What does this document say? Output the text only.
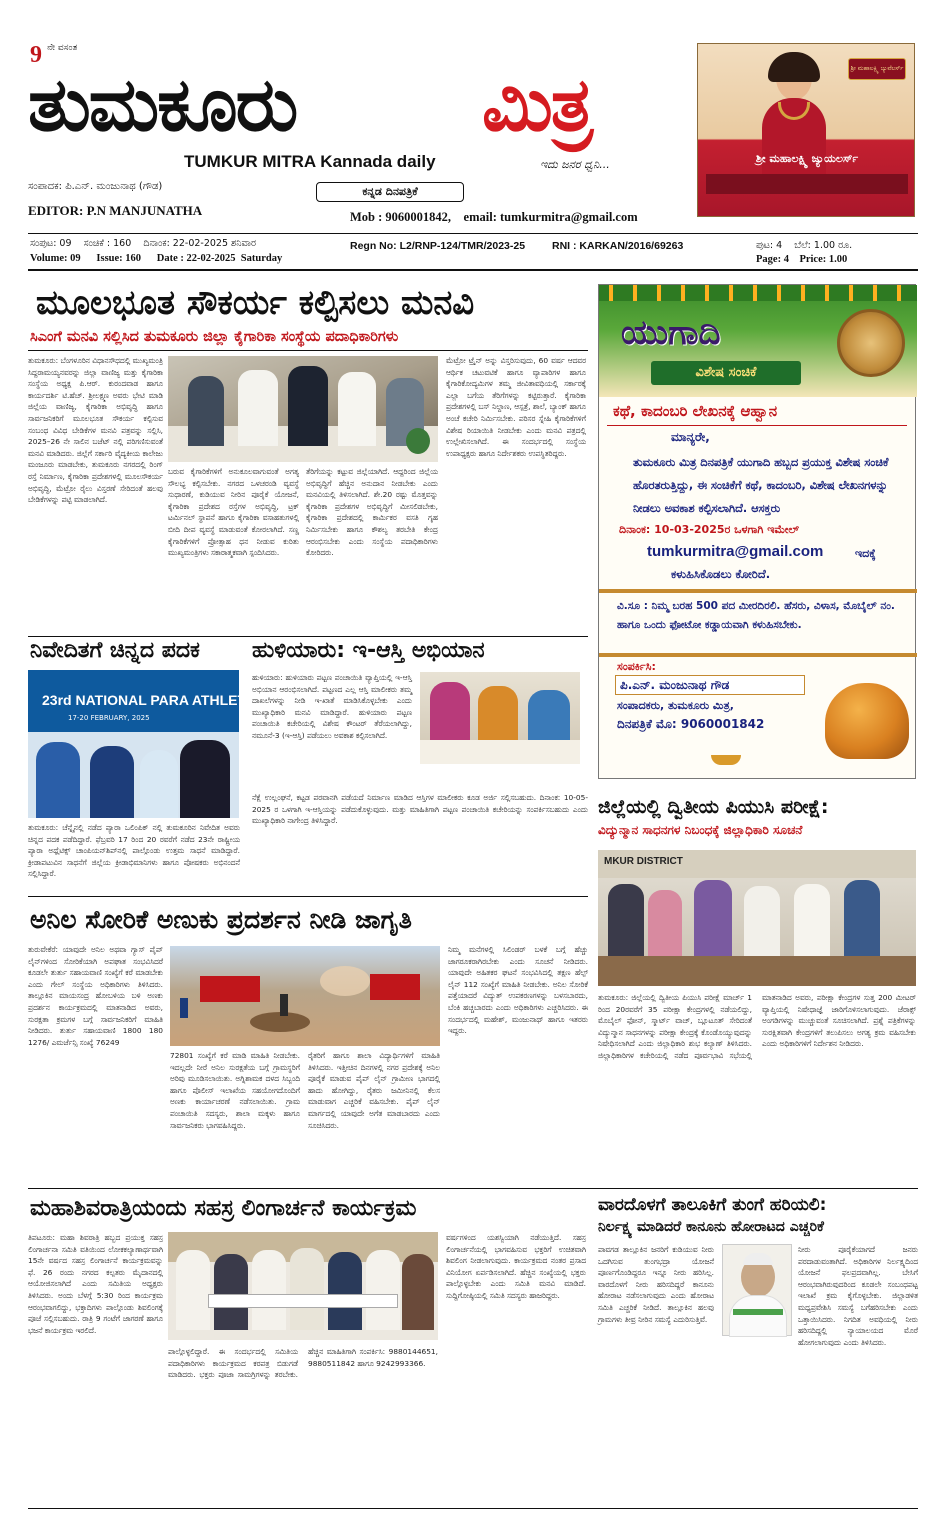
9 $^{ನೇ ವಸಂತ}$
ತುಮಕೂರು	ಮಿತ್ರ
TUMKUR MITRA Kannada daily	ಇದು ಜನರ ಧ್ವನಿ...
ಸಂಪಾದಕ: ಪಿ.ಎನ್. ಮಂಜುನಾಥ (ಗೌಡ)
EDITOR: P.N MANJUNATHA
ಕನ್ನಡ ದಿನಪತ್ರಿಕೆ
Mob : 9060001842,    email: tumkurmitra@gmail.com
ಶ್ರೀ ಮಹಾಲಕ್ಷ್ಮಿ ಜ್ಯುವೆಲರ್ಸ್
ಶ್ರೀ ಮಹಾಲಕ್ಷ್ಮಿ ಜ್ಯುಯಲರ್ಸ್
ಸಂಪುಟ: 09    ಸಂಚಿಕೆ : 160    ದಿನಾಂಕ: 22-02-2025 ಶನಿವಾರ
Volume: 09      Issue: 160      Date : 22-02-2025  Saturday
Regn No: L2/RNP-124/TMR/2023-25	RNI : KARKAN/2016/69263	ಪುಟ: 4    ಬೆಲೆ: 1.00 ರೂ.
Page: 4    Price: 1.00
ಮೂಲಭೂತ ಸೌಕರ್ಯ ಕಲ್ಪಿಸಲು ಮನವಿ
ಸಿಎಂಗೆ ಮನವಿ ಸಲ್ಲಿಸಿದ ತುಮಕೂರು ಜಿಲ್ಲಾ ಕೈಗಾರಿಕಾ ಸಂಸ್ಥೆಯ ಪದಾಧಿಕಾರಿಗಳು
ತುಮಕೂರು: ಬೆಂಗಳೂರಿನ ವಿಧಾನಸೌಧದಲ್ಲಿ ಮುಖ್ಯಮಂತ್ರಿ ಸಿದ್ದರಾಮಯ್ಯನವರನ್ನು ಜಿಲ್ಲಾ ವಾಣಿಜ್ಯ ಮತ್ತು ಕೈಗಾರಿಕಾ ಸಂಸ್ಥೆಯ ಅಧ್ಯಕ್ಷ ಪಿ.ಆರ್. ಕುರಂದವಾಡ ಹಾಗೂ ಕಾರ್ಯದರ್ಶಿ ಟಿ.ಹೆಚ್. ಶ್ರೀಲಕ್ಷ್ಮಣ ಅವರು ಭೇಟಿ ಮಾಡಿ ಜಿಲ್ಲೆಯ ವಾಣಿಜ್ಯ, ಕೈಗಾರಿಕಾ ಅಭಿವೃದ್ಧಿ ಹಾಗೂ ಸಾರ್ವಜನಿಕರಿಗೆ ಮೂಲಭೂತ ಸೌಕರ್ಯ ಕಲ್ಪಿಸುವ ಸಂಬಂಧ ವಿವಿಧ ಬೇಡಿಕೆಗಳ ಮನವಿ ಪತ್ರವನ್ನು ಸಲ್ಲಿಸಿ, 2025–26 ನೇ ಸಾಲಿನ ಬಜೆಟ್ ನಲ್ಲಿ ಪರಿಗಣಿಸುವಂತೆ ಮನವಿ ಮಾಡಿದರು. ಜಿಲ್ಲೆಗೆ ಸರ್ಕಾರಿ ವೈದ್ಯಕೀಯ ಕಾಲೇಜು ಮಂಜೂರು ಮಾಡಬೇಕು, ತುಮಕೂರು ನಗರದಲ್ಲಿ ರಿಂಗ್ ರಸ್ತೆ ನಿರ್ಮಾಣ, ಕೈಗಾರಿಕಾ ಪ್ರದೇಶಗಳಲ್ಲಿ ಮೂಲಸೌಕರ್ಯ ಅಭಿವೃದ್ಧಿ, ಮೆಟ್ರೋ ರೈಲು ವಿಸ್ತರಣೆ ಸೇರಿದಂತೆ ಹಲವು ಬೇಡಿಕೆಗಳನ್ನು ಪಟ್ಟಿ ಮಾಡಲಾಗಿದೆ.
ಬರುವ ಕೈಗಾರಿಕೆಗಳಿಗೆ ಅನುಕೂಲವಾಗುವಂತೆ ಅಗತ್ಯ ಸೌಲಭ್ಯ ಕಲ್ಪಿಸಬೇಕು. ನಗರದ ಒಳಚರಂಡಿ ವ್ಯವಸ್ಥೆ ಸುಧಾರಣೆ, ಕುಡಿಯುವ ನೀರಿನ ಪೂರೈಕೆ ಯೋಜನೆ, ಕೈಗಾರಿಕಾ ಪ್ರದೇಶದ ರಸ್ತೆಗಳ ಅಭಿವೃದ್ಧಿ, ಟ್ರಕ್ ಟರ್ಮಿನಲ್ ಸ್ಥಾಪನೆ ಹಾಗೂ ಕೈಗಾರಿಕಾ ವಸಾಹತುಗಳಲ್ಲಿ ಬೀದಿ ದೀಪ ವ್ಯವಸ್ಥೆ ಮಾಡುವಂತೆ ಕೋರಲಾಗಿದೆ. ಸಣ್ಣ ಕೈಗಾರಿಕೆಗಳಿಗೆ ಪ್ರೋತ್ಸಾಹ ಧನ ನೀಡುವ ಕುರಿತು ಮುಖ್ಯಮಂತ್ರಿಗಳು ಸಕಾರಾತ್ಮಕವಾಗಿ ಸ್ಪಂದಿಸಿದರು.
ತೆರಿಗೆಯನ್ನು ಕಟ್ಟುವ ಜಿಲ್ಲೆಯಾಗಿದೆ. ಆದ್ದರಿಂದ ಜಿಲ್ಲೆಯ ಅಭಿವೃದ್ಧಿಗೆ ಹೆಚ್ಚಿನ ಅನುದಾನ ನೀಡಬೇಕು ಎಂದು ಮನವಿಯಲ್ಲಿ ತಿಳಿಸಲಾಗಿದೆ. ಶೇ.20 ರಷ್ಟು ಮೊತ್ತವನ್ನು ಕೈಗಾರಿಕಾ ಪ್ರದೇಶಗಳ ಅಭಿವೃದ್ಧಿಗೆ ಮೀಸಲಿಡಬೇಕು, ಕೈಗಾರಿಕಾ ಪ್ರದೇಶದಲ್ಲಿ ಕಾರ್ಮಿಕರ ವಸತಿ ಗೃಹ ನಿರ್ಮಿಸಬೇಕು ಹಾಗೂ ಕೌಶಲ್ಯ ತರಬೇತಿ ಕೇಂದ್ರ ಆರಂಭಿಸಬೇಕು ಎಂದು ಸಂಸ್ಥೆಯ ಪದಾಧಿಕಾರಿಗಳು ಕೋರಿದರು.
ಮೆಟ್ರೋ ಟ್ರೈನ್ ಅನ್ನು ವಿಸ್ತರಿಸುವುದು, 60 ವರ್ಷ ಆದವರ ಆರ್ಥಿಕ ಚಟುವಟಿಕೆ ಹಾಗೂ ವ್ಯಾಪಾರಿಗಳ ಹಾಗೂ ಕೈಗಾರಿಕೋದ್ಯಮಿಗಳ ತಮ್ಮ ಜೀವಿತಾವಧಿಯಲ್ಲಿ ಸರ್ಕಾರಕ್ಕೆ ಎಲ್ಲಾ ಬಗೆಯ ತೆರಿಗೆಗಳನ್ನು ಕಟ್ಟಿರುತ್ತಾರೆ. ಕೈಗಾರಿಕಾ ಪ್ರದೇಶಗಳಲ್ಲಿ ಬಸ್ ನಿಲ್ದಾಣ, ಆಸ್ಪತ್ರೆ, ಶಾಲೆ, ಬ್ಯಾಂಕ್ ಹಾಗೂ ಅಂಚೆ ಕಚೇರಿ ನಿರ್ಮಿಸಬೇಕು. ಪರಿಸರ ಸ್ನೇಹಿ ಕೈಗಾರಿಕೆಗಳಿಗೆ ವಿಶೇಷ ರಿಯಾಯಿತಿ ನೀಡಬೇಕು ಎಂದು ಮನವಿ ಪತ್ರದಲ್ಲಿ ಉಲ್ಲೇಖಿಸಲಾಗಿದೆ. ಈ ಸಂದರ್ಭದಲ್ಲಿ ಸಂಸ್ಥೆಯ ಉಪಾಧ್ಯಕ್ಷರು ಹಾಗೂ ನಿರ್ದೇಶಕರು ಉಪಸ್ಥಿತರಿದ್ದರು.
ಯುಗಾದಿ
ವಿಶೇಷ ಸಂಚಿಕೆ
ಕಥೆ, ಕಾದಂಬರಿ ಲೇಖನಕ್ಕೆ ಆಹ್ವಾನ
ಮಾನ್ಯರೇ,
ತುಮಕೂರು ಮಿತ್ರ ದಿನಪತ್ರಿಕೆ ಯುಗಾದಿ ಹಬ್ಬದ ಪ್ರಯುಕ್ತ ವಿಶೇಷ ಸಂಚಿಕೆ ಹೊರತರುತ್ತಿದ್ದು, ಈ ಸಂಚಿಕೆಗೆ ಕಥೆ, ಕಾದಂಬರಿ, ವಿಶೇಷ ಲೇಖನಗಳನ್ನು ನೀಡಲು ಅವಕಾಶ ಕಲ್ಪಿಸಲಾಗಿದೆ. ಆಸಕ್ತರು
ದಿನಾಂಕ: 10-03-2025ರ ಒಳಗಾಗಿ ಇಮೇಲ್
tumkurmitra@gmail.com	ಇದಕ್ಕೆ
ಕಳುಹಿಸಿಕೊಡಲು ಕೋರಿದೆ.
ವಿ.ಸೂ : ನಿಮ್ಮ ಬರಹ 500 ಪದ ಮೀರದಿರಲಿ. ಹೆಸರು, ವಿಳಾಸ, ಮೊಬೈಲ್ ನಂ. ಹಾಗೂ ಒಂದು ಫೋಟೋ ಕಡ್ಡಾಯವಾಗಿ ಕಳುಹಿಸಬೇಕು.
ಸಂಪರ್ಕಿಸಿ:
ಪಿ.ಎನ್. ಮಂಜುನಾಥ ಗೌಡ
ಸಂಪಾದಕರು, ತುಮಕೂರು ಮಿತ್ರ,
ದಿನಪತ್ರಿಕೆ ಮೊ: 9060001842
ನಿವೇದಿತಗೆ ಚಿನ್ನದ ಪದಕ
23rd NATIONAL PARA ATHLETICS CH
17-20 FEBRUARY, 2025
ತುಮಕೂರು: ಚೆನ್ನೈನಲ್ಲಿ ನಡೆದ ಪ್ಯಾರಾ ಒಲಿಂಪಿಕ್ ನಲ್ಲಿ ತುಮಕೂರಿನ ನಿವೇದಿತ ಅವರು ಚಿನ್ನದ ಪದಕ ಪಡೆದಿದ್ದಾರೆ. ಫೆಬ್ರವರಿ 17 ರಿಂದ 20 ರವರೆಗೆ ನಡೆದ 23ನೇ ರಾಷ್ಟ್ರೀಯ ಪ್ಯಾರಾ ಅಥ್ಲೆಟಿಕ್ಸ್ ಚಾಂಪಿಯನ್‌ಶಿಪ್‌ನಲ್ಲಿ ಪಾಲ್ಗೊಂಡು ಉತ್ತಮ ಸಾಧನೆ ಮಾಡಿದ್ದಾರೆ. ಕ್ರೀಡಾಪಟುವಿನ ಸಾಧನೆಗೆ ಜಿಲ್ಲೆಯ ಕ್ರೀಡಾಭಿಮಾನಿಗಳು ಹಾಗೂ ಪೋಷಕರು ಅಭಿನಂದನೆ ಸಲ್ಲಿಸಿದ್ದಾರೆ.
ಹುಳಿಯಾರು: ಇ-ಆಸ್ತಿ ಅಭಿಯಾನ
ಹುಳಿಯಾರು: ಹುಳಿಯಾರು ಪಟ್ಟಣ ಪಂಚಾಯಿತಿ ವ್ಯಾಪ್ತಿಯಲ್ಲಿ ಇ-ಆಸ್ತಿ ಅಭಿಯಾನ ಆರಂಭಿಸಲಾಗಿದೆ. ಪಟ್ಟಣದ ಎಲ್ಲ ಆಸ್ತಿ ಮಾಲೀಕರು ತಮ್ಮ ದಾಖಲೆಗಳನ್ನು ನೀಡಿ ಇ-ಖಾತೆ ಮಾಡಿಸಿಕೊಳ್ಳಬೇಕು ಎಂದು ಮುಖ್ಯಾಧಿಕಾರಿ ಮನವಿ ಮಾಡಿದ್ದಾರೆ. ಹುಳಿಯಾರು ಪಟ್ಟಣ ಪಂಚಾಯಿತಿ ಕಚೇರಿಯಲ್ಲಿ ವಿಶೇಷ ಕೌಂಟರ್ ತೆರೆಯಲಾಗಿದ್ದು, ನಮೂನೆ-3 (ಇ-ಆಸ್ತಿ) ಪಡೆಯಲು ಅವಕಾಶ ಕಲ್ಪಿಸಲಾಗಿದೆ.
ನೆಕ್ಷೆ ಉಲ್ಲಂಘನೆ, ಕಟ್ಟಡ ಪರವಾನಗಿ ಪಡೆಯದೆ ನಿರ್ಮಾಣ ಮಾಡಿದ ಆಸ್ತಿಗಳ ಮಾಲೀಕರು ಕೂಡ ಅರ್ಜಿ ಸಲ್ಲಿಸಬಹುದು. ದಿನಾಂಕ: 10-05-2025 ರ ಒಳಗಾಗಿ ಇ-ಆಸ್ತಿಯನ್ನು ಪಡೆದುಕೊಳ್ಳುವುದು. ಮತ್ತು ಮಾಹಿತಿಗಾಗಿ ಪಟ್ಟಣ ಪಂಚಾಯಿತಿ ಕಚೇರಿಯನ್ನು ಸಂಪರ್ಕಿಸಬಹುದು ಎಂದು ಮುಖ್ಯಾಧಿಕಾರಿ ನಾಗೇಂದ್ರ ತಿಳಿಸಿದ್ದಾರೆ.
ಜಿಲ್ಲೆಯಲ್ಲಿ ದ್ವಿತೀಯ ಪಿಯುಸಿ ಪರೀಕ್ಷೆ:
ವಿದ್ಯುನ್ಮಾನ ಸಾಧನಗಳ ನಿಬಂಧಕ್ಕೆ ಜಿಲ್ಲಾಧಿಕಾರಿ ಸೂಚನೆ
MKUR DISTRICT
ತುಮಕೂರು: ಜಿಲ್ಲೆಯಲ್ಲಿ ದ್ವಿತೀಯ ಪಿಯುಸಿ ಪರೀಕ್ಷೆ ಮಾರ್ಚ್ 1 ರಿಂದ 20ರವರೆಗೆ 35 ಪರೀಕ್ಷಾ ಕೇಂದ್ರಗಳಲ್ಲಿ ನಡೆಯಲಿದ್ದು, ಮೊಬೈಲ್ ಫೋನ್, ಸ್ಮಾರ್ಟ್ ವಾಚ್, ಬ್ಲೂಟೂತ್ ಸೇರಿದಂತೆ ವಿದ್ಯುನ್ಮಾನ ಸಾಧನಗಳನ್ನು ಪರೀಕ್ಷಾ ಕೇಂದ್ರಕ್ಕೆ ಕೊಂಡೊಯ್ಯುವುದನ್ನು ನಿಷೇಧಿಸಲಾಗಿದೆ ಎಂದು ಜಿಲ್ಲಾಧಿಕಾರಿ ಶುಭ ಕಲ್ಯಾಣ್ ತಿಳಿಸಿದರು. ಜಿಲ್ಲಾಧಿಕಾರಿಗಳ ಕಚೇರಿಯಲ್ಲಿ ನಡೆದ ಪೂರ್ವಭಾವಿ ಸಭೆಯಲ್ಲಿ ಮಾತನಾಡಿದ ಅವರು, ಪರೀಕ್ಷಾ ಕೇಂದ್ರಗಳ ಸುತ್ತ 200 ಮೀಟರ್ ವ್ಯಾಪ್ತಿಯಲ್ಲಿ ನಿಷೇಧಾಜ್ಞೆ ಜಾರಿಗೊಳಿಸಲಾಗುವುದು. ಜೆರಾಕ್ಸ್ ಅಂಗಡಿಗಳನ್ನು ಮುಚ್ಚುವಂತೆ ಸೂಚಿಸಲಾಗಿದೆ. ಪ್ರಶ್ನೆ ಪತ್ರಿಕೆಗಳನ್ನು ಸುರಕ್ಷಿತವಾಗಿ ಕೇಂದ್ರಗಳಿಗೆ ತಲುಪಿಸಲು ಅಗತ್ಯ ಕ್ರಮ ವಹಿಸಬೇಕು ಎಂದು ಅಧಿಕಾರಿಗಳಿಗೆ ನಿರ್ದೇಶನ ನೀಡಿದರು.
ಅನಿಲ ಸೋರಿಕೆ ಅಣುಕು ಪ್ರದರ್ಶನ ನೀಡಿ ಜಾಗೃತಿ
ತುರುವೇಕೆರೆ: ಯಾವುದೇ ಅನಿಲ ಅಥವಾ ಗ್ಯಾಸ್ ಪೈಪ್ ಲೈನ್‌ಗಳಿಂದ ಸೋರಿಕೆಯಾಗಿ ಅಪಘಾತ ಸಂಭವಿಸಿದರೆ ಕೂಡಲೇ ತುರ್ತು ಸಹಾಯವಾಣಿ ಸಂಖ್ಯೆಗೆ ಕರೆ ಮಾಡಬೇಕು ಎಂದು ಗೇಲ್ ಸಂಸ್ಥೆಯ ಅಧಿಕಾರಿಗಳು ತಿಳಿಸಿದರು. ತಾಲ್ಲೂಕಿನ ಮಾಯಸಂದ್ರ ಹೋಬಳಿಯ ಬಳಿ ಅಣಕು ಪ್ರದರ್ಶನ ಕಾರ್ಯಕ್ರಮದಲ್ಲಿ ಮಾತನಾಡಿದ ಅವರು, ಸುರಕ್ಷತಾ ಕ್ರಮಗಳ ಬಗ್ಗೆ ಸಾರ್ವಜನಿಕರಿಗೆ ಮಾಹಿತಿ ನೀಡಿದರು. ತುರ್ತು ಸಹಾಯವಾಣಿ 1800 180 1276/ ಎಮರ್ಜೆನ್ಸಿ ಸಂಖ್ಯೆ 76249
72801 ಸಂಖ್ಯೆಗೆ ಕರೆ ಮಾಡಿ ಮಾಹಿತಿ ನೀಡಬೇಕು. ಇದಲ್ಲದೇ ನೀರೆ ಅನಿಲ ಸುರಕ್ಷತೆಯ ಬಗ್ಗೆ ಗ್ರಾಮಸ್ಥರಿಗೆ ಅರಿವು ಮೂಡಿಸಲಾಯಿತು. ಅಗ್ನಿಶಾಮಕ ದಳದ ಸಿಬ್ಬಂದಿ ಹಾಗೂ ಪೊಲೀಸ್ ಇಲಾಖೆಯ ಸಹಯೋಗದೊಂದಿಗೆ ಅಣಕು ಕಾರ್ಯಾಚರಣೆ ನಡೆಸಲಾಯಿತು. ಗ್ರಾಮ ಪಂಚಾಯಿತಿ ಸದಸ್ಯರು, ಶಾಲಾ ಮಕ್ಕಳು ಹಾಗೂ ಸಾರ್ವಜನಿಕರು ಭಾಗವಹಿಸಿದ್ದರು.
ರೈತರಿಗೆ ಹಾಗೂ ಶಾಲಾ ವಿದ್ಯಾರ್ಥಿಗಳಿಗೆ ಮಾಹಿತಿ ತಿಳಿಸಿದರು. ಇತ್ತೀಚಿನ ದಿನಗಳಲ್ಲಿ ನಗರ ಪ್ರದೇಶಕ್ಕೆ ಅನಿಲ ಪೂರೈಕೆ ಮಾಡುವ ಪೈಪ್ ಲೈನ್ ಗ್ರಾಮೀಣ ಭಾಗದಲ್ಲಿ ಹಾದು ಹೋಗಿದ್ದು, ರೈತರು ಜಮೀನಿನಲ್ಲಿ ಕೆಲಸ ಮಾಡುವಾಗ ಎಚ್ಚರಿಕೆ ವಹಿಸಬೇಕು. ಪೈಪ್ ಲೈನ್ ಮಾರ್ಗದಲ್ಲಿ ಯಾವುದೇ ಅಗೆತ ಮಾಡಬಾರದು ಎಂದು ಸೂಚಿಸಿದರು.
ನಿಮ್ಮ ಮನೆಗಳಲ್ಲಿ ಸಿಲಿಂಡರ್ ಬಳಕೆ ಬಗ್ಗೆ ಹೆಚ್ಚು ಜಾಗರೂಕರಾಗಿರಬೇಕು ಎಂದು ಸೂಚನೆ ನೀಡಿದರು. ಯಾವುದೇ ಅಹಿತಕರ ಘಟನೆ ಸಂಭವಿಸಿದಲ್ಲಿ ತಕ್ಷಣ ಹೆಲ್ಪ್ ಲೈನ್ 112 ಸಂಖ್ಯೆಗೆ ಮಾಹಿತಿ ನೀಡಬೇಕು. ಅನಿಲ ಸೋರಿಕೆ ಪತ್ತೆಯಾದರೆ ವಿದ್ಯುತ್ ಉಪಕರಣಗಳನ್ನು ಬಳಸಬಾರದು, ಬೆಂಕಿ ಹಚ್ಚಬಾರದು ಎಂದು ಅಧಿಕಾರಿಗಳು ಎಚ್ಚರಿಸಿದರು. ಈ ಸಂದರ್ಭದಲ್ಲಿ ಮಹೇಶ್, ಮಂಜುನಾಥ್ ಹಾಗೂ ಇತರರು ಇದ್ದರು.
ಮಹಾಶಿವರಾತ್ರಿಯಂದು ಸಹಸ್ರ ಲಿಂಗಾರ್ಚನೆ ಕಾರ್ಯಕ್ರಮ
ತಿಪಟೂರು: ಮಹಾ ಶಿವರಾತ್ರಿ ಹಬ್ಬದ ಪ್ರಯುಕ್ತ ಸಹಸ್ರ ಲಿಂಗಾರ್ಚನಾ ಸಮಿತಿ ವತಿಯಿಂದ ಲೋಕಕಲ್ಯಾಣಾರ್ಥವಾಗಿ 15ನೇ ವರ್ಷದ ಸಹಸ್ರ ಲಿಂಗಾರ್ಚನೆ ಕಾರ್ಯಕ್ರಮವನ್ನು ಫೆ. 26 ರಂದು ನಗರದ ಕಲ್ಪತರು ಮೈದಾನದಲ್ಲಿ ಆಯೋಜಿಸಲಾಗಿದೆ ಎಂದು ಸಮಿತಿಯ ಅಧ್ಯಕ್ಷರು ತಿಳಿಸಿದರು. ಅಂದು ಬೆಳಗ್ಗೆ 5:30 ರಿಂದ ಕಾರ್ಯಕ್ರಮ ಆರಂಭವಾಗಲಿದ್ದು, ಭಕ್ತಾದಿಗಳು ಪಾಲ್ಗೊಂಡು ಶಿವಲಿಂಗಕ್ಕೆ ಪೂಜೆ ಸಲ್ಲಿಸಬಹುದು. ರಾತ್ರಿ 9 ಗಂಟೆಗೆ ಜಾಗರಣೆ ಹಾಗೂ ಭಜನೆ ಕಾರ್ಯಕ್ರಮ ಇರಲಿದೆ.
ಪಾಲ್ಗೊಳ್ಳಲಿದ್ದಾರೆ. ಈ ಸಂದರ್ಭದಲ್ಲಿ ಸಮಿತಿಯ ಪದಾಧಿಕಾರಿಗಳು ಕಾರ್ಯಕ್ರಮದ ಕರಪತ್ರ ಬಿಡುಗಡೆ ಮಾಡಿದರು. ಭಕ್ತರು ಪೂಜಾ ಸಾಮಗ್ರಿಗಳನ್ನು ತರಬೇಕು. ಹೆಚ್ಚಿನ ಮಾಹಿತಿಗಾಗಿ ಸಂಪರ್ಕಿಸಿ: 9880144651, 9880511842 ಹಾಗೂ 9242993366.
ವರ್ಷಗಳಿಂದ ಯಶಸ್ವಿಯಾಗಿ ನಡೆಯುತ್ತಿದೆ. ಸಹಸ್ರ ಲಿಂಗಾರ್ಚನೆಯಲ್ಲಿ ಭಾಗವಹಿಸುವ ಭಕ್ತರಿಗೆ ಉಚಿತವಾಗಿ ಶಿವಲಿಂಗ ನೀಡಲಾಗುವುದು. ಕಾರ್ಯಕ್ರಮದ ನಂತರ ಪ್ರಸಾದ ವಿನಿಯೋಗ ಏರ್ಪಡಿಸಲಾಗಿದೆ. ಹೆಚ್ಚಿನ ಸಂಖ್ಯೆಯಲ್ಲಿ ಭಕ್ತರು ಪಾಲ್ಗೊಳ್ಳಬೇಕು ಎಂದು ಸಮಿತಿ ಮನವಿ ಮಾಡಿದೆ. ಸುದ್ದಿಗೋಷ್ಠಿಯಲ್ಲಿ ಸಮಿತಿ ಸದಸ್ಯರು ಹಾಜರಿದ್ದರು.
ವಾರದೊಳಗೆ ತಾಲೂಕಿಗೆ ತುಂಗೆ ಹರಿಯಲಿ:
ನಿರ್ಲಕ್ಷ್ಯ ಮಾಡಿದರೆ ಕಾನೂನು ಹೋರಾಟದ ಎಚ್ಚರಿಕೆ
ಪಾವಗಡ ತಾಲ್ಲೂಕಿನ ಜನರಿಗೆ ಕುಡಿಯುವ ನೀರು ಒದಗಿಸುವ ತುಂಗಭದ್ರಾ ಯೋಜನೆ ಪೂರ್ಣಗೊಂಡಿದ್ದರೂ ಇನ್ನೂ ನೀರು ಹರಿಸಿಲ್ಲ. ವಾರದೊಳಗೆ ನೀರು ಹರಿಸದಿದ್ದರೆ ಕಾನೂನು ಹೋರಾಟ ನಡೆಸಲಾಗುವುದು ಎಂದು ಹೋರಾಟ ಸಮಿತಿ ಎಚ್ಚರಿಕೆ ನೀಡಿದೆ. ತಾಲ್ಲೂಕಿನ ಹಲವು ಗ್ರಾಮಗಳು ತೀವ್ರ ನೀರಿನ ಸಮಸ್ಯೆ ಎದುರಿಸುತ್ತಿವೆ.
ನೀರು ಪೂರೈಕೆಯಾಗದೆ ಜನರು ಪರದಾಡುವಂತಾಗಿದೆ. ಅಧಿಕಾರಿಗಳ ನಿರ್ಲಕ್ಷ್ಯದಿಂದ ಯೋಜನೆ ಫಲಪ್ರದವಾಗಿಲ್ಲ. ಬೇಸಿಗೆ ಆರಂಭವಾಗಿರುವುದರಿಂದ ಕೂಡಲೇ ಸಂಬಂಧಪಟ್ಟ ಇಲಾಖೆ ಕ್ರಮ ಕೈಗೊಳ್ಳಬೇಕು. ಜಿಲ್ಲಾಡಳಿತ ಮಧ್ಯಪ್ರವೇಶಿಸಿ ಸಮಸ್ಯೆ ಬಗೆಹರಿಸಬೇಕು ಎಂದು ಒತ್ತಾಯಿಸಿದರು. ನಿಗದಿತ ಅವಧಿಯಲ್ಲಿ ನೀರು ಹರಿಸದಿದ್ದಲ್ಲಿ ನ್ಯಾಯಾಲಯದ ಮೊರೆ ಹೋಗಲಾಗುವುದು ಎಂದು ತಿಳಿಸಿದರು.
